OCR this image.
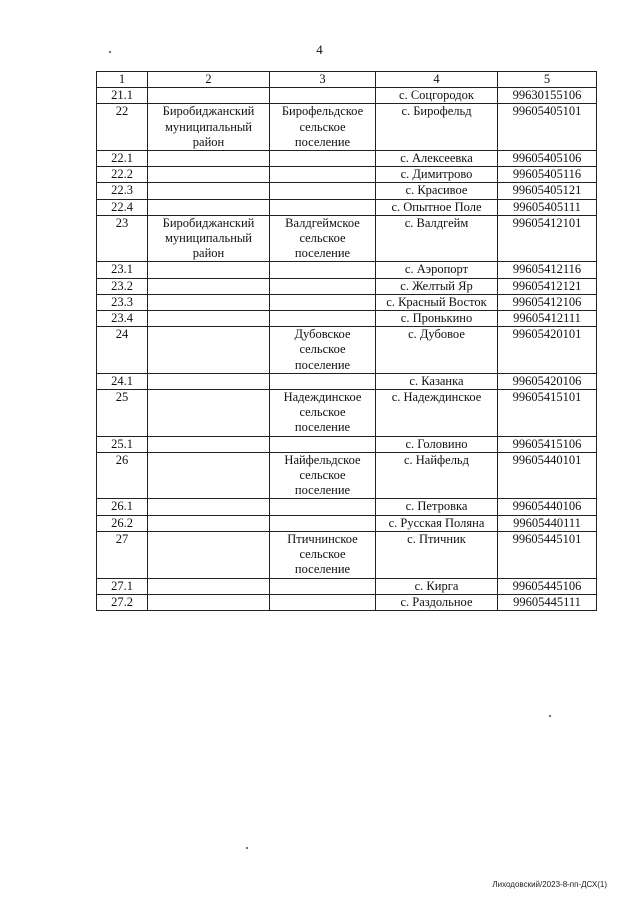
4
1	2	3	4	5
21.1			с. Соцгородок	99630155106
22	Биробиджанский
муниципальный
район	Бирофельдское
сельское
поселение	с. Бирофельд	99605405101
22.1			с. Алексеевка	99605405106
22.2			с. Димитрово	99605405116
22.3			с. Красивое	99605405121
22.4			с. Опытное Поле	99605405111
23	Биробиджанский
муниципальный
район	Валдгеймское
сельское
поселение	с. Валдгейм	99605412101
23.1			с. Аэропорт	99605412116
23.2			с. Желтый Яр	99605412121
23.3			с. Красный Восток	99605412106
23.4			с. Пронькино	99605412111
24		Дубовское
сельское
поселение	с. Дубовое	99605420101
24.1			с. Казанка	99605420106
25		Надеждинское
сельское
поселение	с. Надеждинское	99605415101
25.1			с. Головино	99605415106
26		Найфельдское
сельское
поселение	с. Найфельд	99605440101
26.1			с. Петровка	99605440106
26.2			с. Русская Поляна	99605440111
27		Птичнинское
сельское
поселение	с. Птичник	99605445101
27.1			с. Кирга	99605445106
27.2			с. Раздольное	99605445111
Лиходовский/2023-8-пп-ДСХ(1)
